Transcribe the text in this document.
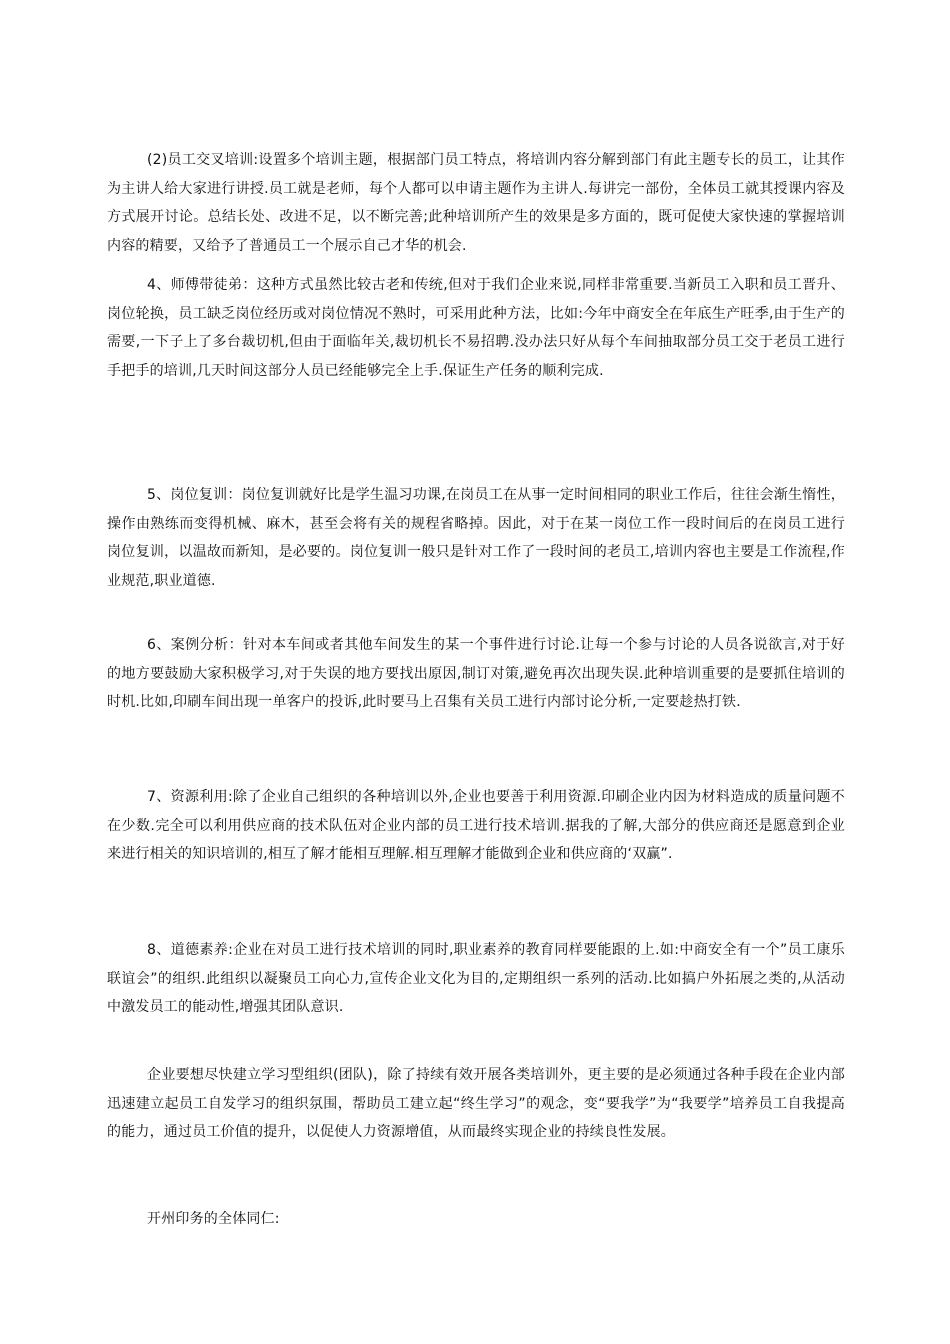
(2)员工交叉培训:设置多个培训主题，根据部门员工特点，将培训内容分解到部门有此主题专长的员工，让其作为主讲人给大家进行讲授.员工就是老师，每个人都可以申请主题作为主讲人.每讲完一部份，全体员工就其授课内容及方式展开讨论。总结长处、改进不足，以不断完善;此种培训所产生的效果是多方面的，既可促使大家快速的掌握培训内容的精要，又给予了普通员工一个展示自己才华的机会.

4、师傅带徒弟：这种方式虽然比较古老和传统,但对于我们企业来说,同样非常重要.当新员工入职和员工晋升、岗位轮换，员工缺乏岗位经历或对岗位情况不熟时，可采用此种方法，比如:今年中商安全在年底生产旺季,由于生产的需要,一下子上了多台裁切机,但由于面临年关,裁切机长不易招聘.没办法只好从每个车间抽取部分员工交于老员工进行手把手的培训,几天时间这部分人员已经能够完全上手.保证生产任务的顺利完成.

5、岗位复训：岗位复训就好比是学生温习功课,在岗员工在从事一定时间相同的职业工作后，往往会渐生惰性，操作由熟练而变得机械、麻木，甚至会将有关的规程省略掉。因此，对于在某一岗位工作一段时间后的在岗员工进行岗位复训，以温故而新知，是必要的。岗位复训一般只是针对工作了一段时间的老员工,培训内容也主要是工作流程,作业规范,职业道德.

6、案例分析：针对本车间或者其他车间发生的某一个事件进行讨论.让每一个参与讨论的人员各说欲言,对于好的地方要鼓励大家积极学习,对于失误的地方要找出原因,制订对策,避免再次出现失误.此种培训重要的是要抓住培训的时机.比如,印刷车间出现一单客户的投诉,此时要马上召集有关员工进行内部讨论分析,一定要趁热打铁.

7、资源利用:除了企业自己组织的各种培训以外,企业也要善于利用资源.印刷企业内因为材料造成的质量问题不在少数.完全可以利用供应商的技术队伍对企业内部的员工进行技术培训.据我的了解,大部分的供应商还是愿意到企业来进行相关的知识培训的,相互了解才能相互理解.相互理解才能做到企业和供应商的‘双赢”.

8、道德素养:企业在对员工进行技术培训的同时,职业素养的教育同样要能跟的上.如:中商安全有一个”员工康乐联谊会”的组织.此组织以凝聚员工向心力,宣传企业文化为目的,定期组织一系列的活动.比如搞户外拓展之类的,从活动中激发员工的能动性,增强其团队意识.

企业要想尽快建立学习型组织(团队)，除了持续有效开展各类培训外，更主要的是必须通过各种手段在企业内部迅速建立起员工自发学习的组织氛围，帮助员工建立起“终生学习”的观念，变“要我学”为“我要学”培养员工自我提高的能力，通过员工价值的提升，以促使人力资源增值，从而最终实现企业的持续良性发展。

开州印务的全体同仁:
